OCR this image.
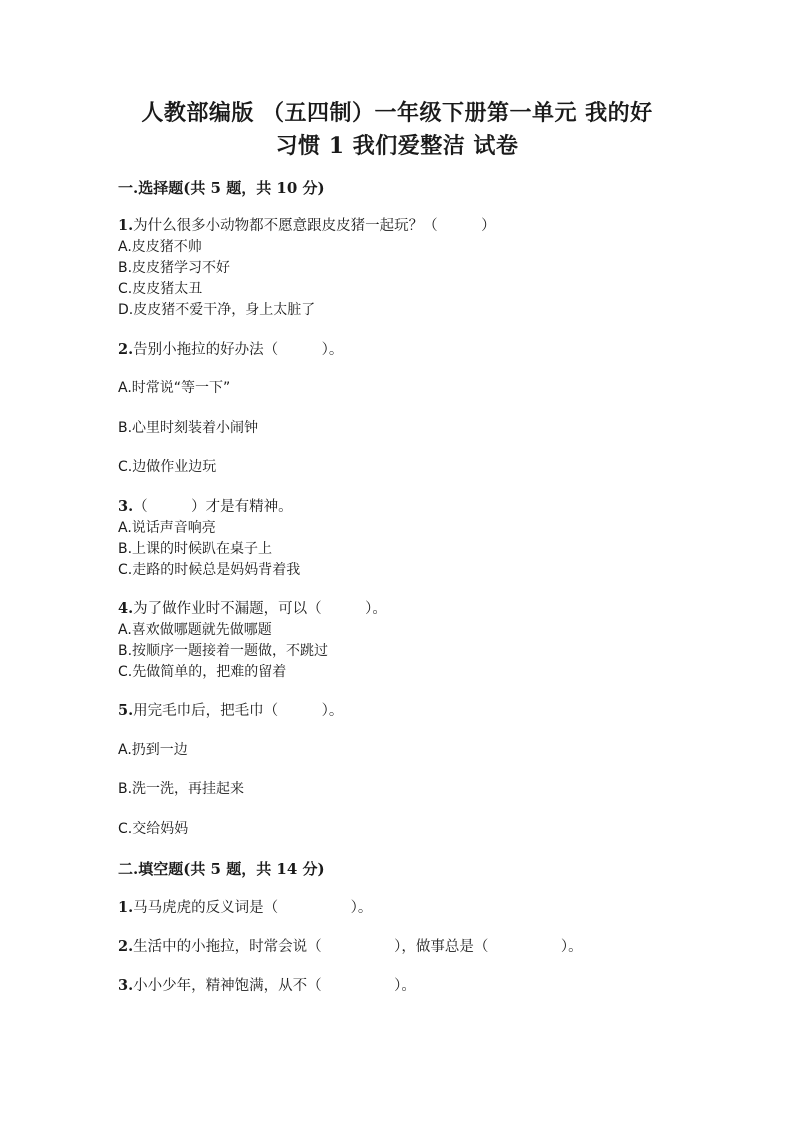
人教部编版 （五四制）一年级下册第一单元 我的好
习惯 1 我们爱整洁 试卷
一.选择题(共 5 题，共 10 分)
1.为什么很多小动物都不愿意跟皮皮猪一起玩？（　　　）
A.皮皮猪不帅
B.皮皮猪学习不好
C.皮皮猪太丑
D.皮皮猪不爱干净，身上太脏了
2.告别小拖拉的好办法（　　　）。
A.时常说“等一下”
B.心里时刻装着小闹钟
C.边做作业边玩
3.（　　　）才是有精神。
A.说话声音响亮
B.上课的时候趴在桌子上
C.走路的时候总是妈妈背着我
4.为了做作业时不漏题，可以（　　　）。
A.喜欢做哪题就先做哪题
B.按顺序一题接着一题做，不跳过
C.先做简单的，把难的留着
5.用完毛巾后，把毛巾（　　　）。
A.扔到一边
B.洗一洗，再挂起来
C.交给妈妈
二.填空题(共 5 题，共 14 分)
1.马马虎虎的反义词是（　　　　　）。
2.生活中的小拖拉，时常会说（　　　　　），做事总是（　　　　　）。
3.小小少年，精神饱满，从不（　　　　　）。
